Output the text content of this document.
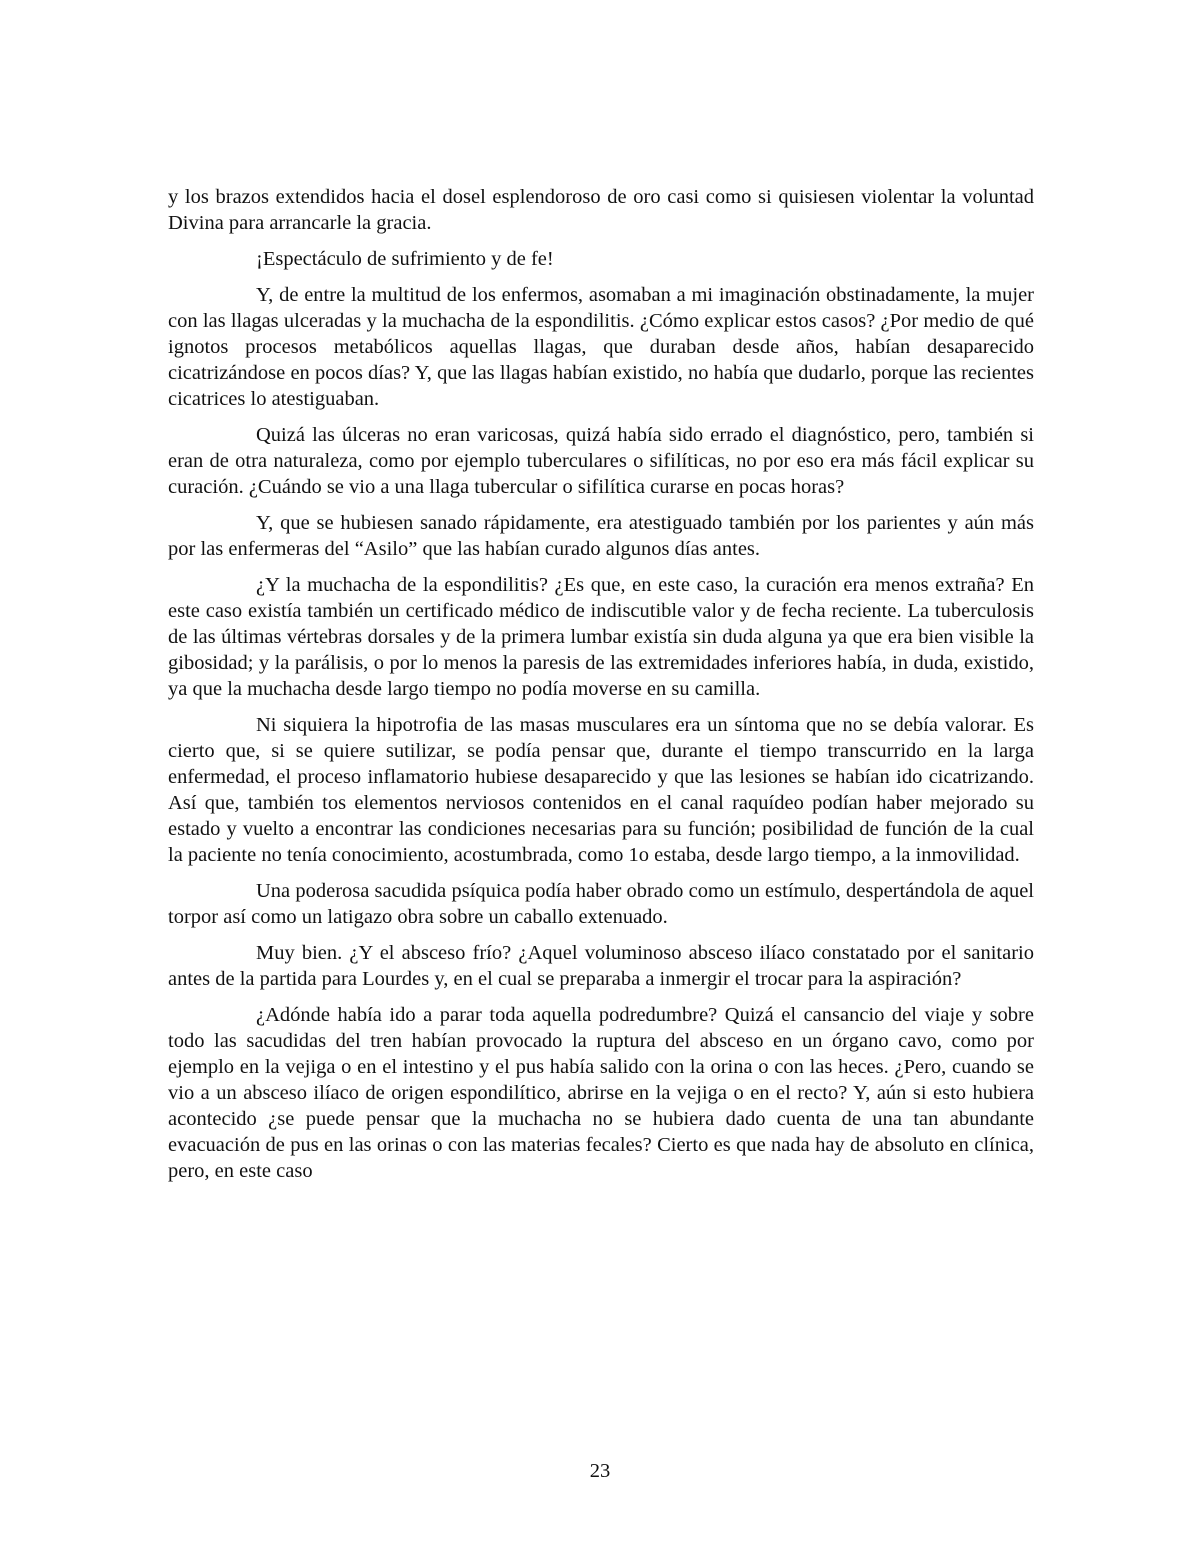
y los brazos extendidos hacia el dosel esplendoroso de oro casi como si quisiesen violentar la voluntad Divina para arrancarle la gracia.

¡Espectáculo de sufrimiento y de fe!

Y, de entre la multitud de los enfermos, asomaban a mi imaginación obstinadamente, la mujer con las llagas ulceradas y la muchacha de la espondilitis. ¿Cómo explicar estos casos? ¿Por medio de qué ignotos procesos metabólicos aquellas llagas, que duraban desde años, habían desaparecido cicatrizándose en pocos días? Y, que las llagas habían existido, no había que dudarlo, porque las recientes cicatrices lo atestiguaban.

Quizá las úlceras no eran varicosas, quizá había sido errado el diagnóstico, pero, también si eran de otra naturaleza, como por ejemplo tuberculares o sifilíticas, no por eso era más fácil explicar su curación. ¿Cuándo se vio a una llaga tubercular o sifilítica curarse en pocas horas?

Y, que se hubiesen sanado rápidamente, era atestiguado también por los parientes y aún más por las enfermeras del “Asilo” que las habían curado algunos días antes.

¿Y la muchacha de la espondilitis? ¿Es que, en este caso, la curación era menos extraña? En este caso existía también un certificado médico de indiscutible valor y de fecha reciente. La tuberculosis de las últimas vértebras dorsales y de la primera lumbar existía sin duda alguna ya que era bien visible la gibosidad; y la parálisis, o por lo menos la paresis de las extremidades inferiores había, in duda, existido, ya que la muchacha desde largo tiempo no podía moverse en su camilla.

Ni siquiera la hipotrofia de las masas musculares era un síntoma que no se debía valorar. Es cierto que, si se quiere sutilizar, se podía pensar que, durante el tiempo transcurrido en la larga enfermedad, el proceso inflamatorio hubiese desaparecido y que las lesiones se habían ido cicatrizando. Así que, también tos elementos nerviosos contenidos en el canal raquídeo podían haber mejorado su estado y vuelto a encontrar las condiciones necesarias para su función; posibilidad de función de la cual la paciente no tenía conocimiento, acostumbrada, como 1o estaba, desde largo tiempo, a la inmovilidad.

Una poderosa sacudida psíquica podía haber obrado como un estímulo, despertándola de aquel torpor así como un latigazo obra sobre un caballo extenuado.

Muy bien. ¿Y el absceso frío? ¿Aquel voluminoso absceso ilíaco constatado por el sanitario antes de la partida para Lourdes y, en el cual se preparaba a inmergir el trocar para la aspiración?

¿Adónde había ido a parar toda aquella podredumbre? Quizá el cansancio del viaje y sobre todo las sacudidas del tren habían provocado la ruptura del absceso en un órgano cavo, como por ejemplo en la vejiga o en el intestino y el pus había salido con la orina o con las heces. ¿Pero, cuando se vio a un absceso ilíaco de origen espondilítico, abrirse en la vejiga o en el recto? Y, aún si esto hubiera acontecido ¿se puede pensar que la muchacha no se hubiera dado cuenta de una tan abundante evacuación de pus en las orinas o con las materias fecales? Cierto es que nada hay de absoluto en clínica, pero, en este caso

23
